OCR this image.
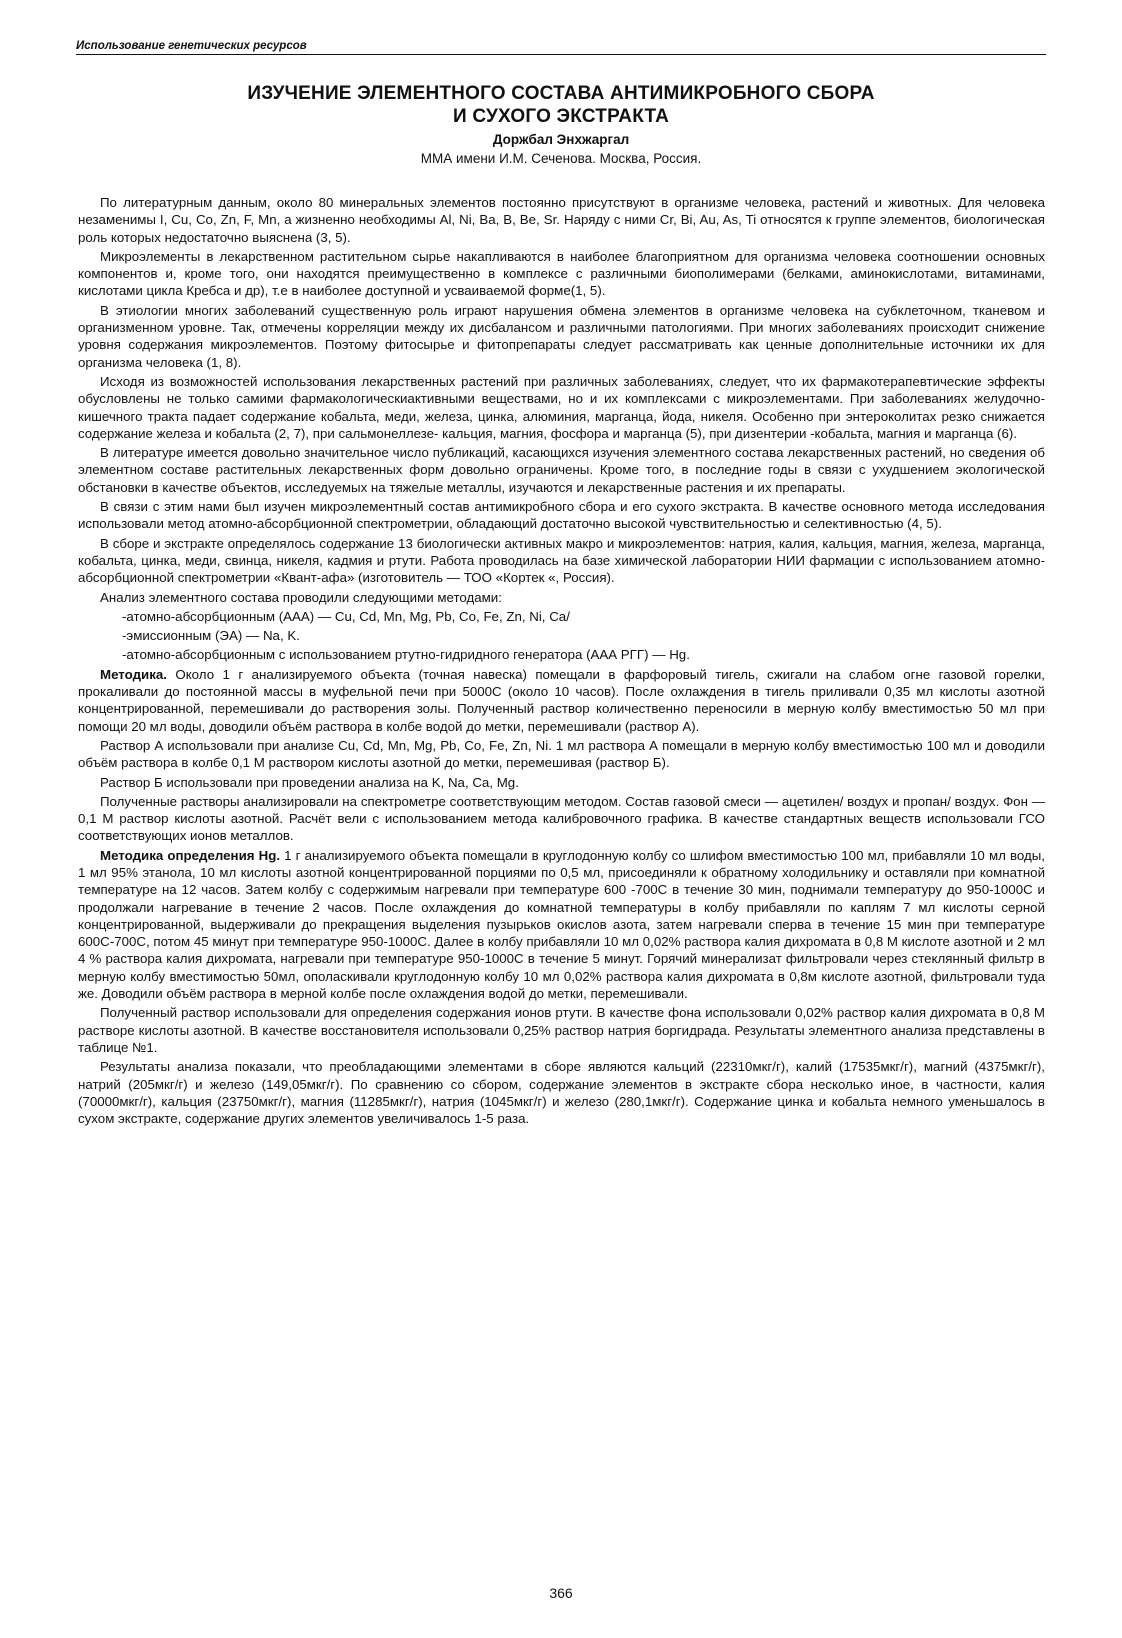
Использование генетических ресурсов
ИЗУЧЕНИЕ ЭЛЕМЕНТНОГО СОСТАВА АНТИМИКРОБНОГО СБОРА
И СУХОГО ЭКСТРАКТА
Доржбал Энхжаргал
ММА имени И.М. Сеченова. Москва, Россия.

По литературным данным, около 80 минеральных элементов постоянно присутствуют в организме человека, растений и животных. Для человека незаменимы I, Cu, Co, Zn, F, Mn, а жизненно необходимы Al, Ni, Ba, B, Be, Sr. Наряду с ними Cr, Bi, Au, As, Ti относятся к группе элементов, биологическая роль которых недостаточно выяснена (3, 5).

Микроэлементы в лекарственном растительном сырье накапливаются в наиболее благоприятном для организма человека соотношении основных компонентов и, кроме того, они находятся преимущественно в комплексе с различными биополимерами (белками, аминокислотами, витаминами, кислотами цикла Кребса и др), т.е в наиболее доступной и усваиваемой форме(1, 5).

В этиологии многих заболеваний существенную роль играют нарушения обмена элементов в организме человека на субклеточном, тканевом и организменном уровне. Так, отмечены корреляции между их дисбалансом и различными патологиями. При многих заболеваниях происходит снижение уровня содержания микроэлементов. Поэтому фитосырье и фитопрепараты следует рассматривать как ценные дополнительные источники их для организма человека (1, 8).

Исходя из возможностей использования лекарственных растений при различных заболеваниях, следует, что их фармакотерапевтические эффекты обусловлены не только самими фармакологическиактивными веществами, но и их комплексами с микроэлементами. При заболеваниях желудочно-кишечного тракта падает содержание кобальта, меди, железа, цинка, алюминия, марганца, йода, никеля. Особенно при энтероколитах резко снижается содержание железа и кобальта (2, 7), при сальмонеллезе- кальция, магния, фосфора и марганца (5), при дизентерии -кобальта, магния и марганца (6).

В литературе имеется довольно значительное число публикаций, касающихся изучения элементного состава лекарственных растений, но сведения об элементном составе растительных лекарственных форм довольно ограничены. Кроме того, в последние годы в связи с ухудшением экологической обстановки в качестве объектов, исследуемых на тяжелые металлы, изучаются и лекарственные растения и их препараты.

В связи с этим нами был изучен микроэлементный состав антимикробного сбора и его сухого экстракта. В качестве основного метода исследования использовали метод атомно-абсорбционной спектрометрии, обладающий достаточно высокой чувствительностью и селективностью (4, 5).

В сборе и экстракте определялось содержание 13 биологически активных макро и микроэлементов: натрия, калия, кальция, магния, железа, марганца, кобальта, цинка, меди, свинца, никеля, кадмия и ртути. Работа проводилась на базе химической лаборатории НИИ фармации с использованием атомно-абсорбционной спектрометрии «Квант-афа» (изготовитель — ТОО «Кортек «, Россия).

Анализ элементного состава проводили следующими методами:

-атомно-абсорбционным (ААА) — Cu, Cd, Mn, Mg, Pb, Co, Fe, Zn, Ni, Ca/

-эмиссионным (ЭА) — Na, K.

-атомно-абсорбционным с использованием ртутно-гидридного генератора (ААА РГГ) — Hg.

Методика. Около 1 г анализируемого объекта (точная навеска) помещали в фарфоровый тигель, сжигали на слабом огне газовой горелки, прокаливали до постоянной массы в муфельной печи при 5000С (около 10 часов). После охлаждения в тигель приливали 0,35 мл кислоты азотной концентрированной, перемешивали до растворения золы. Полученный раствор количественно переносили в мерную колбу вместимостью 50 мл при помощи 20 мл воды, доводили объём раствора в колбе водой до метки, перемешивали (раствор А).

Раствор А использовали при анализе Cu, Cd, Mn, Mg, Pb, Co, Fe, Zn, Ni. 1 мл раствора А помещали в мерную колбу вместимостью 100 мл и доводили объём раствора в колбе 0,1 М раствором кислоты азотной до метки, перемешивая (раствор Б).

Раствор Б использовали при проведении анализа на K, Na, Ca, Mg.

Полученные растворы анализировали на спектрометре соответствующим методом. Состав газовой смеси — ацетилен/ воздух и пропан/ воздух. Фон — 0,1 М раствор кислоты азотной. Расчёт вели с использованием метода калибровочного графика. В качестве стандартных веществ использовали ГСО соответствующих ионов металлов.

Методика определения Hg. 1 г анализируемого объекта помещали в круглодонную колбу со шлифом вместимостью 100 мл, прибавляли 10 мл воды, 1 мл 95% этанола, 10 мл кислоты азотной концентрированной порциями по 0,5 мл, присоединяли к обратному холодильнику и оставляли при комнатной температуре на 12 часов. Затем колбу с содержимым нагревали при температуре 600 -700С в течение 30 мин, поднимали температуру до 950-1000С и продолжали нагревание в течение 2 часов. После охлаждения до комнатной температуры в колбу прибавляли по каплям 7 мл кислоты серной концентрированной, выдерживали до прекращения выделения пузырьков окислов азота, затем нагревали сперва в течение 15 мин при температуре 600С-700С, потом 45 минут при температуре 950-1000С. Далее в колбу прибавляли 10 мл 0,02% раствора калия дихромата в 0,8 М кислоте азотной и 2 мл 4 % раствора калия дихромата, нагревали при температуре 950-1000С в течение 5 минут. Горячий минерализат фильтровали через стеклянный фильтр в мерную колбу вместимостью 50мл, ополаскивали круглодонную колбу 10 мл 0,02% раствора калия дихромата в 0,8м кислоте азотной, фильтровали туда же. Доводили объём раствора в мерной колбе после охлаждения водой до метки, перемешивали.

Полученный раствор использовали для определения содержания ионов ртути. В качестве фона использовали 0,02% раствор калия дихромата в 0,8 М растворе кислоты азотной. В качестве восстановителя использовали 0,25% раствор натрия боргидрада. Результаты элементного анализа представлены в таблице №1.

Результаты анализа показали, что преобладающими элементами в сборе являются кальций (22310мкг/г), калий (17535мкг/г), магний (4375мкг/г), натрий (205мкг/г) и железо (149,05мкг/г). По сравнению со сбором, содержание элементов в экстракте сбора несколько иное, в частности, калия (70000мкг/г), кальция (23750мкг/г), магния (11285мкг/г), натрия (1045мкг/г) и железо (280,1мкг/г). Содержание цинка и кобальта немного уменьшалось в сухом экстракте, содержание других элементов увеличивалось 1-5 раза.

366
